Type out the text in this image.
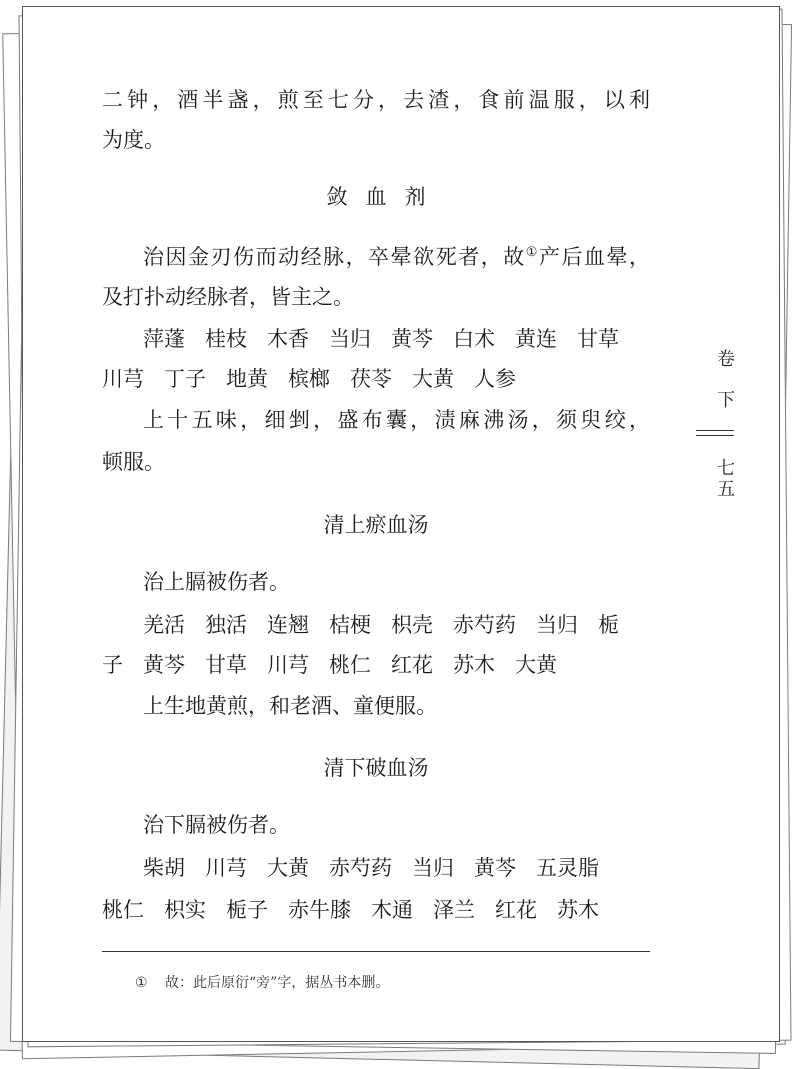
二钟，酒半盏，煎至七分，去渣，食前温服，以利

为度。

敛血剂

治因金刃伤而动经脉，卒晕欲死者，故①产后血晕，

及打扑动经脉者，皆主之。

萍蓬 桂枝 木香 当归 黄芩 白术 黄连 甘草
川芎 丁子 地黄 槟榔 茯苓 大黄 人参

上十五味，细剉，盛布囊，渍麻沸汤，须臾绞，

顿服。

清上瘀血汤

治上膈被伤者。

羌活 独活 连翘 桔梗 枳壳 赤芍药 当归 栀
子 黄芩 甘草 川芎 桃仁 红花 苏木 大黄

上生地黄煎，和老酒、童便服。

清下破血汤

治下膈被伤者。

柴胡 川芎 大黄 赤芍药 当归 黄芩 五灵脂
桃仁 枳实 栀子 赤牛膝 木通 泽兰 红花 苏木
① 故：此后原衍“旁”字，据丛书本删。
卷
下
七
五
